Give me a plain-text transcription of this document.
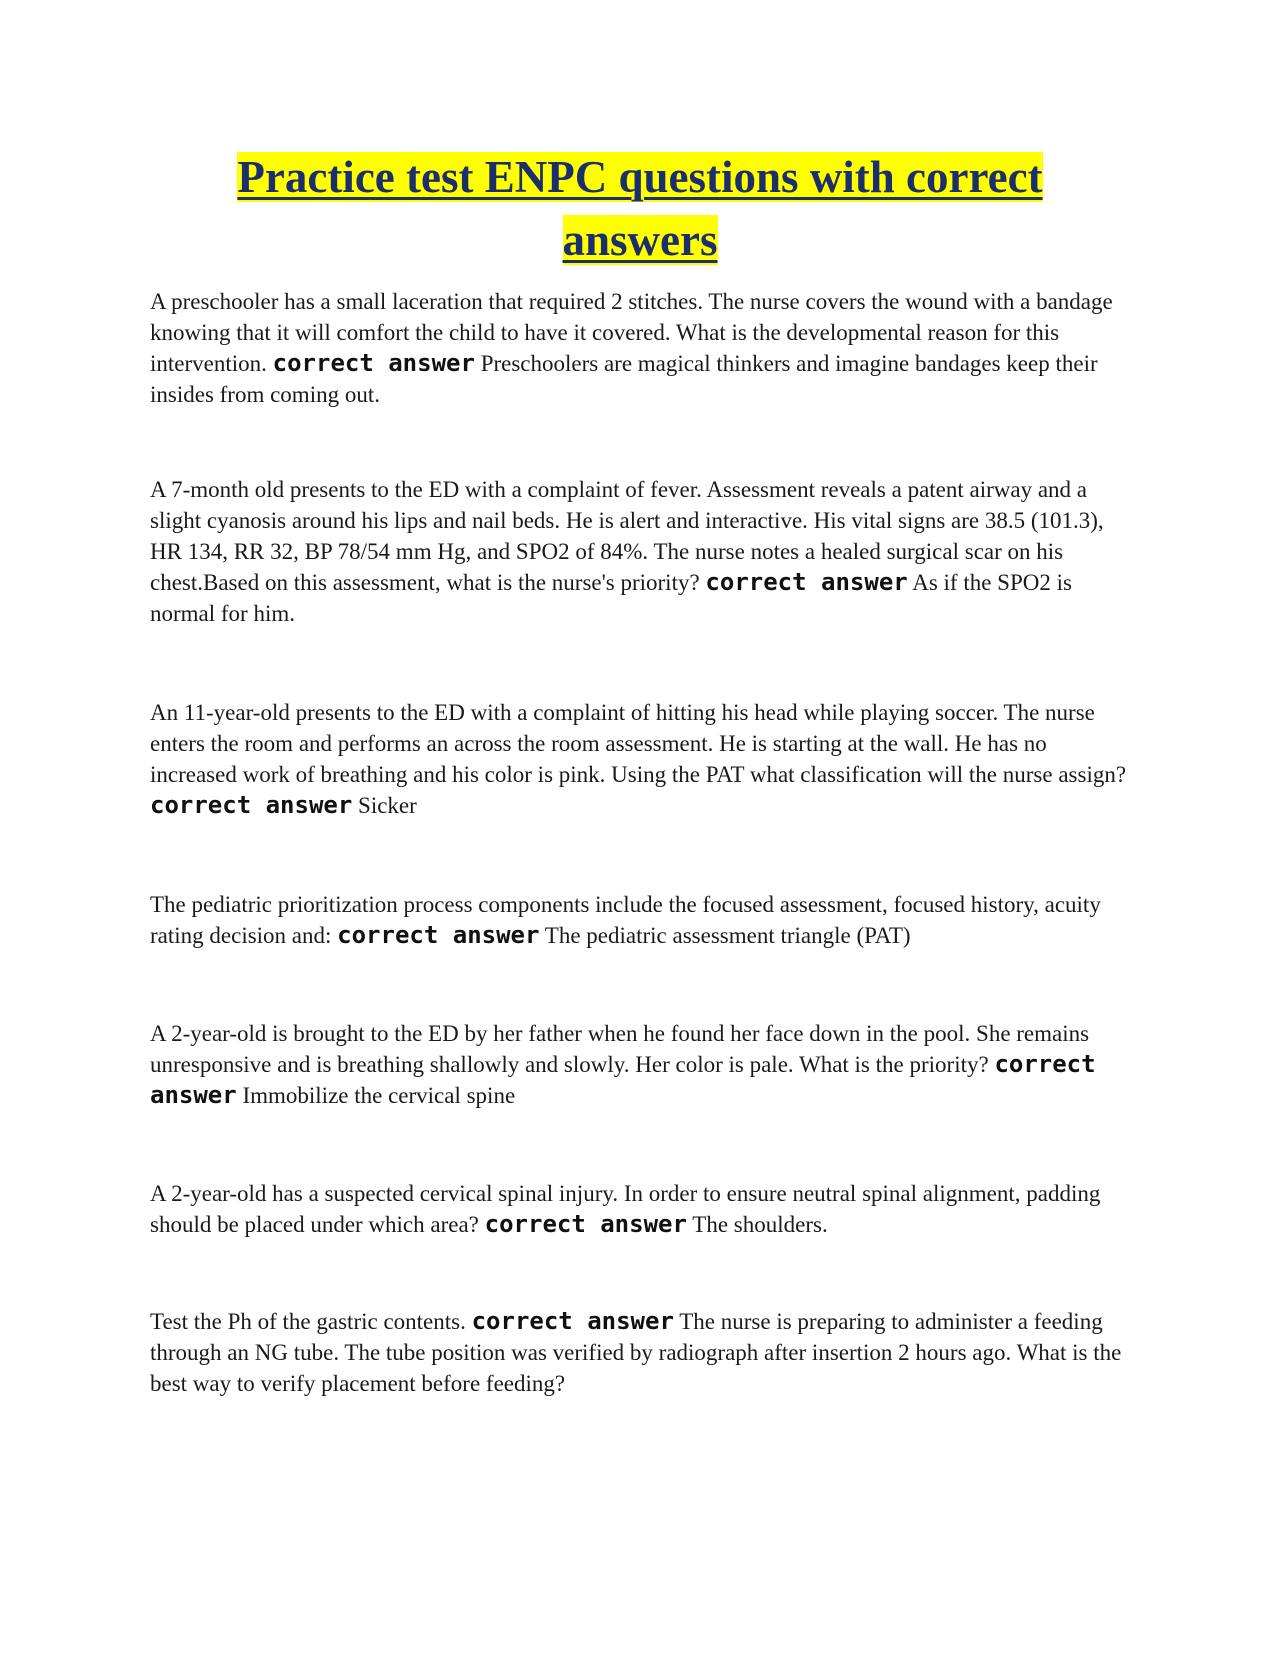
Practice test ENPC questions with correct
answers

A preschooler has a small laceration that required 2 stitches. The nurse covers the wound with a bandage knowing that it will comfort the child to have it covered. What is the developmental reason for this intervention. correct answer Preschoolers are magical thinkers and imagine bandages keep their insides from coming out.

A 7-month old presents to the ED with a complaint of fever. Assessment reveals a patent airway and a slight cyanosis around his lips and nail beds. He is alert and interactive. His vital signs are 38.5 (101.3), HR 134, RR 32, BP 78/54 mm Hg, and SPO2 of 84%. The nurse notes a healed surgical scar on his chest.Based on this assessment, what is the nurse's priority? correct answer As if the SPO2 is normal for him.

An 11-year-old presents to the ED with a complaint of hitting his head while playing soccer. The nurse enters the room and performs an across the room assessment. He is starting at the wall. He has no increased work of breathing and his color is pink. Using the PAT what classification will the nurse assign? correct answer Sicker

The pediatric prioritization process components include the focused assessment, focused history, acuity rating decision and: correct answer The pediatric assessment triangle (PAT)

A 2-year-old is brought to the ED by her father when he found her face down in the pool. She remains unresponsive and is breathing shallowly and slowly. Her color is pale. What is the priority? correct answer Immobilize the cervical spine

A 2-year-old has a suspected cervical spinal injury. In order to ensure neutral spinal alignment, padding should be placed under which area? correct answer The shoulders.

Test the Ph of the gastric contents. correct answer The nurse is preparing to administer a feeding through an NG tube. The tube position was verified by radiograph after insertion 2 hours ago. What is the best way to verify placement before feeding?
